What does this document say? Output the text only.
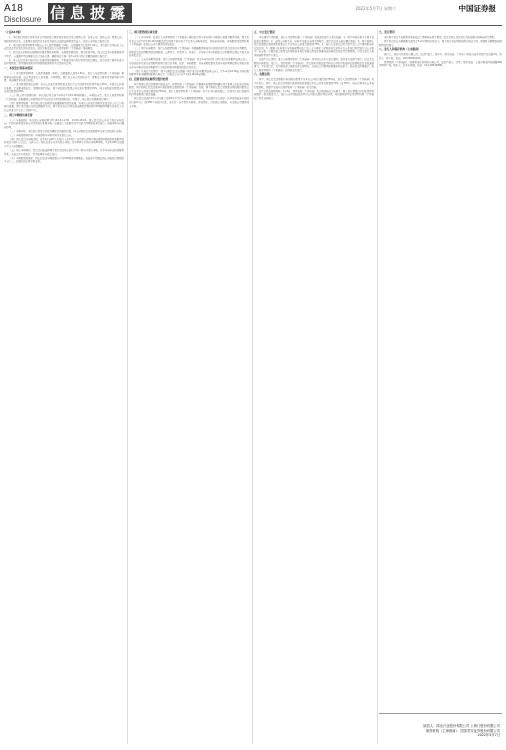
A18
Disclosure 信息披露	2022年5月7日 星期六	中国证券报
（上接A17版）

1、本次发行的发行对象为符合中国证监会规定的证券投资基金管理公司、证券公司、信托公司、财务公司、保险机构投资者、合格境外机构投资者以及其他符合法律法规规定的法人、自然人或其他合格投资者。

2、本次发行股票的种类为境内上市人民币普通股（A股），每股面值为人民币1.00元。本次发行采用向社会公众投资者定价发行的方式进行，发行价格由发行人与保荐机构（主承销商）协商确定。

3、投资者在申购时应按照相关规定缴纳申购款，未按规定缴纳的，视为无效申购。网上投资者申购新股摇号中签后，应依据中签结果履行资金交收义务，确保其资金账户在T+2日日终有足额的新股认购资金。

4、本公告仅对本次发行的有关事项作简要说明，不构成对本次发行股票的投资建议。投资者欲了解本次发行的详细情况，请仔细阅读同日刊登的招股说明书全文及相关资料。

一、本次发行的基本情况

（一）发行股票的种类：人民币普通股（A股），每股面值人民币1.00元。发行人与保荐机构（主承销商）根据初步询价结果，综合考虑发行人基本面、市场情况、同行业上市公司估值水平、募集资金需求及承销风险等因素，协商确定本次发行价格。

（二）发行数量和发行结构：本次公开发行股票数量占发行后公司总股本的比例不低于25%，全部为公开发行新股，不安排老股转让。回拨机制启动前，网下初始发行数量占本次发行数量的70%，网上初始发行数量占本次发行数量的30%。

（三）网上网下回拨机制：本次发行网上网下申购于T日15:00同时截止。申购结束后，发行人和保荐机构（主承销商）将根据网上申购情况于T日决定是否启动回拨机制，对网下、网上发行的规模进行调节。

（四）限售期安排：本次网上发行的股票无流通限制及锁定安排，自本次公开发行的股票在深交所上市之日起即可流通。网下发行部分采用比例限售方式，网下投资者应当承诺其获配股票数量的10%限售期限为自发行人首次公开发行并上市之日起6个月。

二、网上申购的具体安排

（一）申购时间：本次网上申购时间为T日9:15-11:30、13:00-15:00。网上投资者应当自主表达申购意向，不得全权委托证券公司代其进行新股申购。如遇重大突发事件或不可抗力因素影响本次发行，则按申购当日通知办理。

（二）申购价格：本次发行的发行价格为确定后的最终价格。网上申购投资者须按照本次发行价格进行申购。

（三）申购简称和代码：申购简称与申购代码详见发行公告。

（四）网上投资者申购资格：在T-2日前20个交易日（含T-2日）日均持有深圳市场非限售A股股份和非限售存托凭证市值1万元以上（含1万元）的投资者方可参与网上申购。每5,000元市值可申购500股，不足5,000元的部分不计入申购额度。

（五）网上申购规则：投资者只能选择网下发行或者网上发行中的一种方式进行申购。凡参与初步询价的配售对象，无论是否有效报价，均不能再参与网上发行。

（六）申购数量的规定：网上投资者申购数量应当为500股或其整数倍，但最高不得超过网上初始发行股数的千分之一，如超过则该笔申购无效。

三、网下配售的具体安排

（一）参与对象：经发行人与保荐机构（主承销商）确认的可参与本次网下申购的有效报价配售对象。网下投资者应当于T日9:30-15:00通过深交所网下发行电子平台录入申购单信息，包括申购价格、申购数量及保荐机构（主承销商）在发行公告中规定的其他信息。

（二）网下初步配售：发行人和保荐机构（主承销商）将根据配售原则对有效报价网下投资者进行分类配售，同类投资者获得配售的比例相同。公募基金、社保基金、养老金、企业年金基金和保险资金的配售比例应不低于其他类投资者。

（三）公布初步配售结果：发行人和保荐机构（主承销商）将于T+2日刊登《网下发行初步配售结果公告》，内容包括本次发行获得配售的网下投资者名称、报价、申购数量、初步获配数量以及初步询价期间提供有效报价但未参与申购或实际申购数量少于报价时拟申购数量的投资者信息。

（四）认购资金的缴付：网下获配投资者应根据《网下发行初步配售结果公告》，于T+2日16:00前为其获配的配售对象全额缴纳新股认购资金，认购资金应当于T+2日16:00前到账。

四、投资者放弃认购部分股份处理

网下和网上投资者缴款认购结束后，保荐机构（主承销商）将根据实际缴款情况确认网下和网上实际发行股份数量。网下和网上投资者放弃认购的股份由保荐机构（主承销商）包销。网下和网上投资者缴款认购的股份数量合计不足本次公开发行数量的70%时，发行人和保荐机构（主承销商）将中止本次新股发行，并就中止发行的原因和后续安排进行信息披露。

网上投资者连续12个月内累计出现3次中签后未足额缴款的情形时，自结算参与人最近一次申报其放弃认购的次日起6个月（按180个自然日计算，含次日）内不得参与新股、存托凭证、可转换公司债券、可交换公司债券网上申购。

五、中止发行情况

当出现以下情况时，发行人及保荐机构（主承销商）将协商采取中止发行措施：1、网下申购总量小于网下初始发行数量的；2、若网上申购不足，申购不足部分向网下回拨后，网下投资者未能足额认购的；3、网下和网上投资者缴款认购的股份数量合计不足本次公开发行数量的70%；4、发行人在发行过程中发生重大会后事项影响本次发行的；5、根据《证券发行与承销管理办法》第三十六条和《深圳证券交易所首次公开发行股票发行与上市指引》第五条，中国证监会和深交所发现证券发行承销过程存在涉嫌违法违规或者存在异常情形的，可责令发行人和承销商暂停或中止发行。

如发生以上情形，发行人和保荐机构（主承销商）将及时公告中止发行原因、恢复发行安排等事宜。投资者已缴纳认购款的，发行人、保荐机构（主承销商）、深交所和中国结算深圳分公司将尽快安排已经缴款投资者的退款事宜。中止发行后，在中国证监会核准文件有效期内，且满足会后事项监管要求的前提下，经向深交所备案后，发行人和保荐机构（主承销商）将择机重启发行。

六、余股包销

网下、网上投资者缴款认购的股份数量不足本次公开发行数量的70%时，发行人及保荐机构（主承销商）将中止发行。网下、网上投资者缴款认购的股份数量超过本次公开发行数量的70%（含70%），但未达到本次公开发行数量时，缴款不足部分由保荐机构（主承销商）负责包销。

发生余股包销情况时，T+4日，保荐机构（主承销商）将余股包销资金与网下、网上发行募集资金扣除保荐承销费后一起划给发行人，发行人向中国结算深圳分公司提交股份登记申请，将包销股份登记至保荐机构（主承销商）指定证券账户。

七、发行费用

本次网下发行不向配售对象收取过户费和印花税等费用。投资者网上定价发行不收取佣金和印花税等费用。

网下投资者应当根据相关规定于T+2日缴纳认购资金。网下投资者在缴纳新股认购资金时，须同时全额缴纳新股配售经纪佣金。

八、发行人和保荐机构（主承销商）

发行人：鸿达兴业股份有限公司。法定代表人：周奕丰。联系地址：广州市广州经济技术开发区宏达路2号。联系人：林少韩。电话：020-81652222。

保荐机构（主承销商）：国泰君安证券股份有限公司。法定代表人：贺青。联系地址：上海市静安区新闸路669号博华广场。联系人：资本市场部。电话：021-38676888。

致招人：鸿达兴业股份有限公司 上海门股份有限公司
保荐机构（主承销商）：国泰君安证券股份有限公司
2022年5月7日
